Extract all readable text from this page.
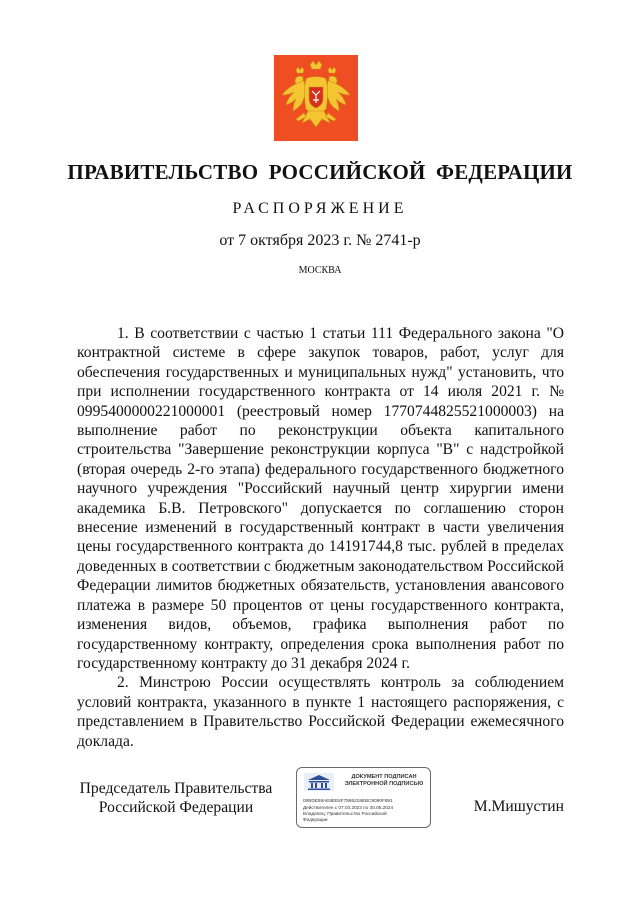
ПРАВИТЕЛЬСТВО РОССИЙСКОЙ ФЕДЕРАЦИИ
РАСПОРЯЖЕНИЕ
от 7 октября 2023 г. № 2741-р
МОСКВА

1. В соответствии с частью 1 статьи 111 Федерального закона "О контрактной системе в сфере закупок товаров, работ, услуг для обеспечения государственных и муниципальных нужд" установить, что при исполнении государственного контракта от 14 июля 2021 г. № 0995400000221000001 (реестровый номер 1770744825521000003) на выполнение работ по реконструкции объекта капитального строительства "Завершение реконструкции корпуса "В" с надстройкой (вторая очередь 2-го этапа) федерального государственного бюджетного научного учреждения "Российский научный центр хирургии имени академика Б.В. Петровского" допускается по соглашению сторон внесение изменений в государственный контракт в части увеличения цены государственного контракта до 14191744,8 тыс. рублей в пределах доведенных в соответствии с бюджетным законодательством Российской Федерации лимитов бюджетных обязательств, установления авансового платежа в размере 50 процентов от цены государственного контракта, изменения видов, объемов, графика выполнения работ по государственному контракту, определения срока выполнения работ по государственному контракту до 31 декабря 2024 г.

2. Минстрою России осуществлять контроль за соблюдением условий контракта, указанного в пункте 1 настоящего распоряжения, с представлением в Правительство Российской Федерации ежемесячного доклада.

Председатель Правительства
Российской Федерации
ДОКУМЕНТ ПОДПИСАН
ЭЛЕКТРОННОЙ ПОДПИСЬЮ
00BDE58AE8EE6F7595219EBC8090F891
Действителен с 07.03.2023 по 30.05.2024
Владелец: Правительство Российской
Федерации
М.Мишустин
